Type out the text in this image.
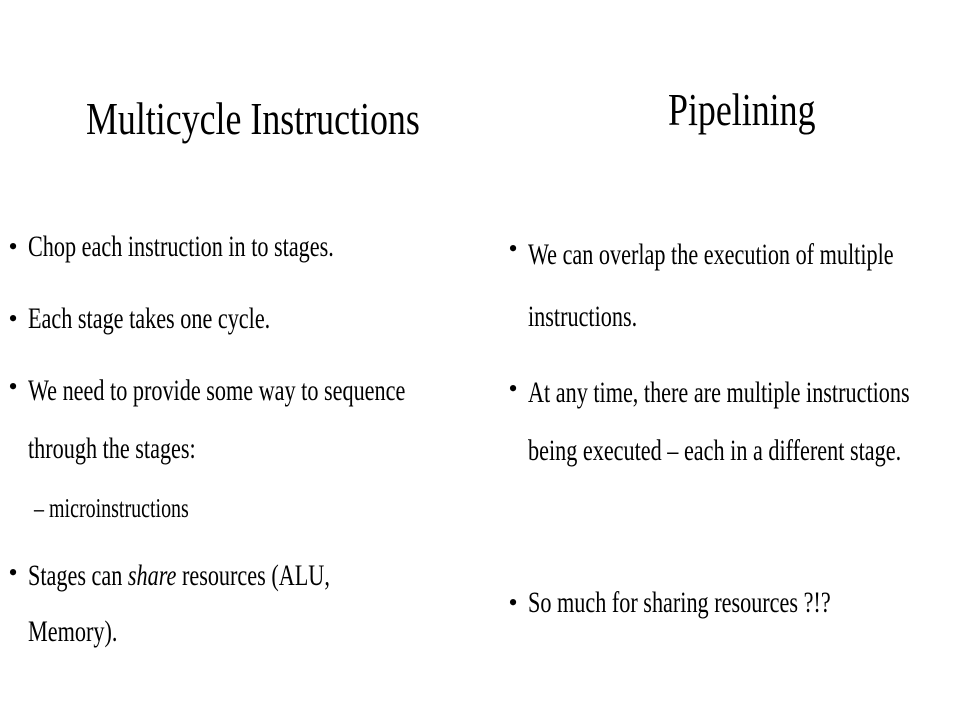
Multicycle Instructions	Pipelining
• Chop each instruction in to stages.
• Each stage takes one cycle.
• We need to provide some way to sequence
through the stages:
– microinstructions
• Stages can share resources (ALU,
Memory).
• We can overlap the execution of multiple
instructions.
• At any time, there are multiple instructions
being executed – each in a different stage.
• So much for sharing resources ?!?
